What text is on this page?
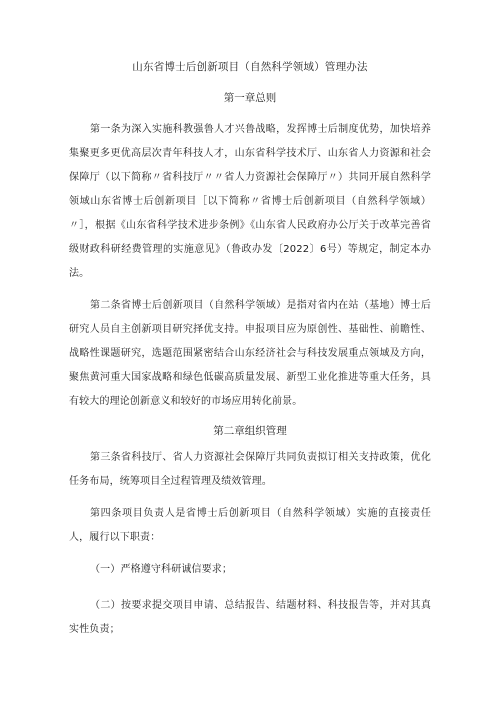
山东省博士后创新项目（自然科学领域）管理办法
第一章总则

第一条为深入实施科教强鲁人才兴鲁战略，发挥博士后制度优势，加快培养集聚更多更优高层次青年科技人才，山东省科学技术厅、山东省人力资源和社会保障厅（以下简称〃省科技厅〃〃省人力资源社会保障厅〃）共同开展自然科学领域山东省博士后创新项目［以下简称〃省博士后创新项目（自然科学领域）〃］，根据《山东省科学技术进步条例》《山东省人民政府办公厅关于改革完善省级财政科研经费管理的实施意见》（鲁政办发〔2022〕6号）等规定，制定本办法。

第二条省博士后创新项目（自然科学领域）是指对省内在站（基地）博士后研究人员自主创新项目研究择优支持。申报项目应为原创性、基础性、前瞻性、战略性课题研究，选题范围紧密结合山东经济社会与科技发展重点领域及方向，聚焦黄河重大国家战略和绿色低碳高质量发展、新型工业化推进等重大任务，具有较大的理论创新意义和较好的市场应用转化前景。

第二章组织管理

第三条省科技厅、省人力资源社会保障厅共同负责拟订相关支持政策，优化任务布局，统筹项目全过程管理及绩效管理。

第四条项目负责人是省博士后创新项目（自然科学领域）实施的直接责任人，履行以下职责：

（一）严格遵守科研诚信要求；

（二）按要求提交项目申请、总结报告、结题材料、科技报告等，并对其真实性负责；
